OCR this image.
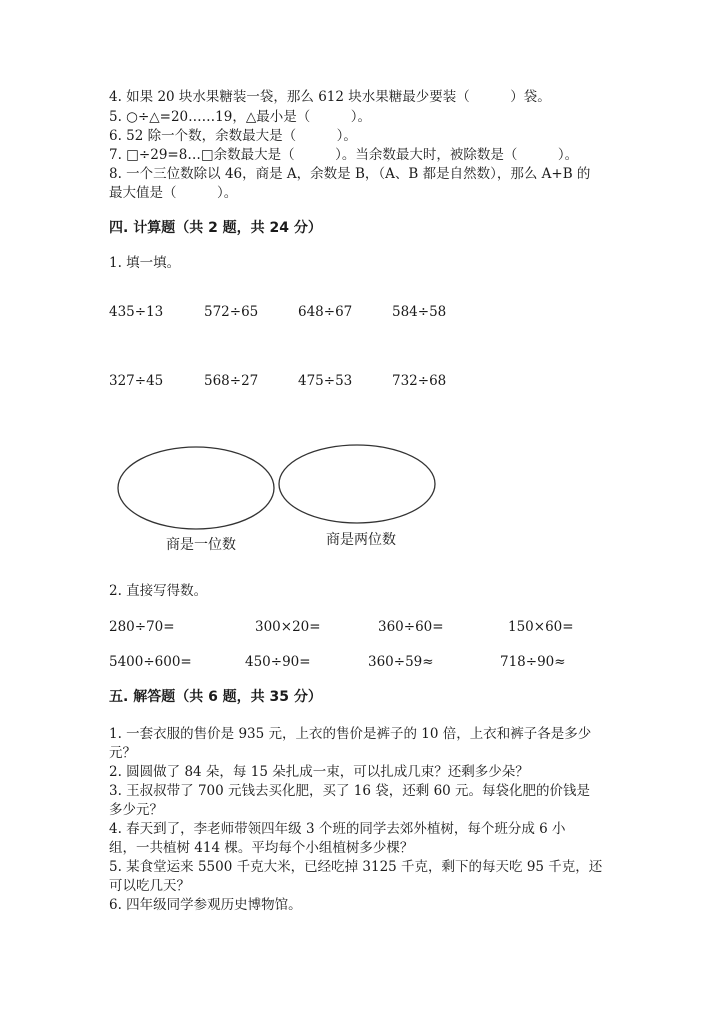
4. 如果 20 块水果糖装一袋，那么 612 块水果糖最少要装（　　　）袋。
5. ○÷△=20……19，△最小是（　　　）。
6. 52 除一个数，余数最大是（　　　）。
7. □÷29=8…□余数最大是（　　　）。当余数最大时，被除数是（　　　）。
8. 一个三位数除以 46，商是 A，余数是 B，（A、B 都是自然数），那么 A+B 的
最大值是（　　　）。
四. 计算题（共 2 题，共 24 分）
1. 填一填。
435÷13	572÷65	648÷67	584÷58
327÷45	568÷27	475÷53	732÷68
商是一位数	商是两位数
2. 直接写得数。
280÷70=	300×20=	360÷60=	150×60=
5400÷600=	450÷90=	360÷59≈	718÷90≈
五. 解答题（共 6 题，共 35 分）
1. 一套衣服的售价是 935 元，上衣的售价是裤子的 10 倍，上衣和裤子各是多少
元？
2. 圆圆做了 84 朵，每 15 朵扎成一束，可以扎成几束？还剩多少朵？
3. 王叔叔带了 700 元钱去买化肥，买了 16 袋，还剩 60 元。每袋化肥的价钱是
多少元？
4. 春天到了，李老师带领四年级 3 个班的同学去郊外植树，每个班分成 6 小
组，一共植树 414 棵。平均每个小组植树多少棵？
5. 某食堂运来 5500 千克大米，已经吃掉 3125 千克，剩下的每天吃 95 千克，还
可以吃几天？
6. 四年级同学参观历史博物馆。
